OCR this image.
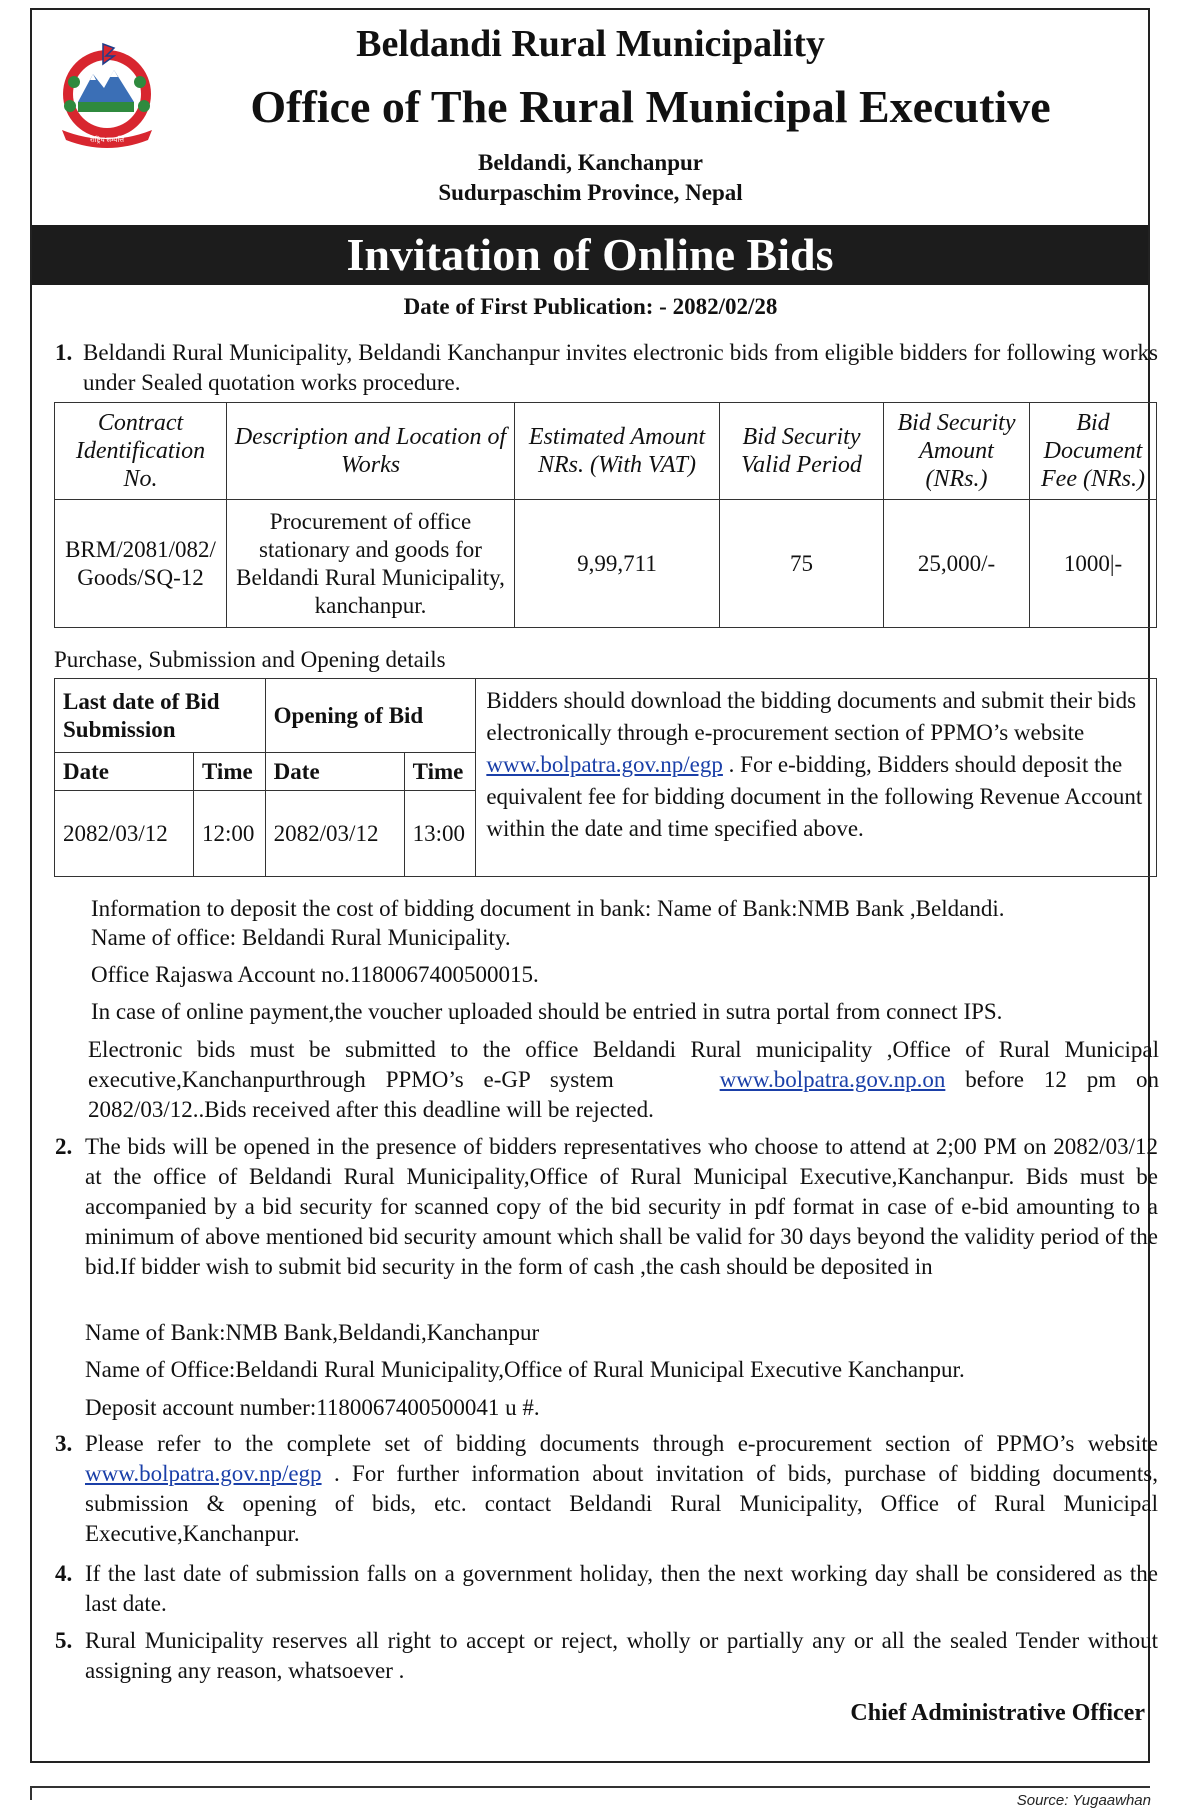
राष्ट्रिय सम्पत्ति
Beldandi Rural Municipality
Office of The Rural Municipal Executive
Beldandi, Kanchanpur
Sudurpaschim Province, Nepal
Invitation of Online Bids
Date of First Publication: - 2082/02/28
1. Beldandi Rural Municipality, Beldandi Kanchanpur invites electronic bids from eligible bidders for following works under Sealed quotation works procedure.
Contract Identification No.	Description and Location of Works	Estimated Amount NRs. (With VAT)	Bid Security Valid Period	Bid Security Amount (NRs.)	Bid Document Fee (NRs.)
BRM/2081/082/ Goods/SQ-12	Procurement of office stationary and goods for Beldandi Rural Municipality, kanchanpur.	9,99,711	75	25,000/-	1000|-
Purchase, Submission and Opening details
Last date of Bid Submission		Opening of Bid		Bidders should download the bidding documents and submit their bids electronically through e-procurement section of PPMO’s website www.bolpatra.gov.np/egp . For e-bidding, Bidders should deposit the equivalent fee for bidding document in the following Revenue Account within the date and time specified above.
Date	Time	Date	Time	
2082/03/12	12:00	2082/03/12	13:00	
Information to deposit the cost of bidding document in bank: Name of Bank:NMB Bank ,Beldandi.
Name of office: Beldandi Rural Municipality.
Office Rajaswa Account no.1180067400500015.
In case of online payment,the voucher uploaded should be entried in sutra portal from connect IPS.
Electronic bids must be submitted to the office Beldandi Rural municipality ,Office of Rural Municipal executive,Kanchanpurthrough PPMO’s e-GP system	www.bolpatra.gov.np.on before 12 pm on 2082/03/12..Bids received after this deadline will be rejected.
2. The bids will be opened in the presence of bidders representatives who choose to attend at 2;00 PM on 2082/03/12 at the office of Beldandi Rural Municipality,Office of Rural Municipal Executive,Kanchanpur. Bids must be accompanied by a bid security for scanned copy of the bid security in pdf format in case of e-bid amounting to a minimum of above mentioned bid security amount which shall be valid for 30 days beyond the validity period of the bid.If bidder wish to submit bid security in the form of cash ,the cash should be deposited in
Name of Bank:NMB Bank,Beldandi,Kanchanpur
Name of Office:Beldandi Rural Municipality,Office of Rural Municipal Executive Kanchanpur.
Deposit account number:1180067400500041 u #.
3. Please refer to the complete set of bidding documents through e-procurement section of PPMO’s website www.bolpatra.gov.np/egp . For further information about invitation of bids, purchase of bidding documents, submission & opening of bids, etc. contact Beldandi Rural Municipality, Office of Rural Municipal Executive,Kanchanpur.
4. If the last date of submission falls on a government holiday, then the next working day shall be considered as the last date.
5. Rural Municipality reserves all right to accept or reject, wholly or partially any or all the sealed Tender without assigning any reason, whatsoever .
Chief Administrative Officer
Source: Yugaawhan
